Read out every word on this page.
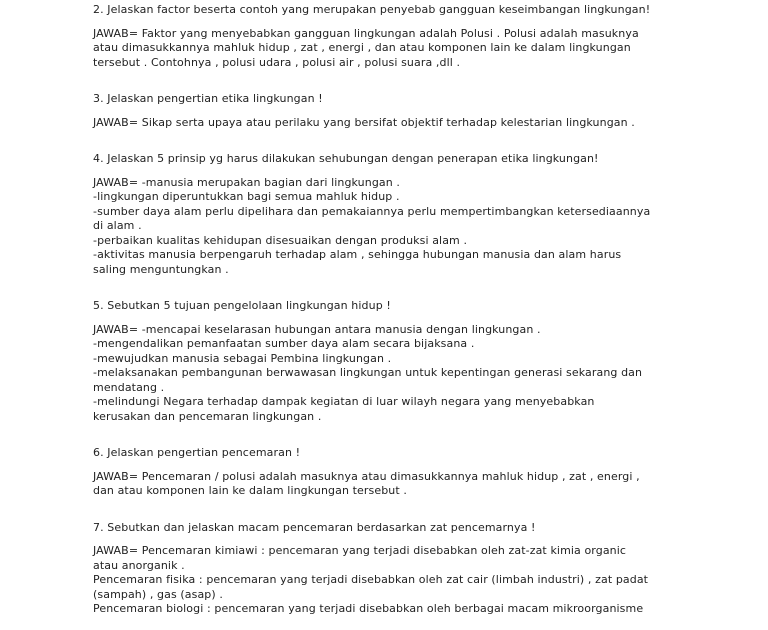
2. Jelaskan factor beserta contoh yang merupakan penyebab gangguan keseimbangan lingkungan!

JAWAB= Faktor yang menyebabkan gangguan lingkungan adalah Polusi . Polusi adalah masuknya
atau dimasukkannya mahluk hidup , zat , energi , dan atau komponen lain ke dalam lingkungan
tersebut . Contohnya , polusi udara , polusi air , polusi suara ,dll .

3. Jelaskan pengertian etika lingkungan !

JAWAB= Sikap serta upaya atau perilaku yang bersifat objektif terhadap kelestarian lingkungan .

4. Jelaskan 5 prinsip yg harus dilakukan sehubungan dengan penerapan etika lingkungan!

JAWAB= -manusia merupakan bagian dari lingkungan .
-lingkungan diperuntukkan bagi semua mahluk hidup .
-sumber daya alam perlu dipelihara dan pemakaiannya perlu mempertimbangkan ketersediaannya
di alam .
-perbaikan kualitas kehidupan disesuaikan dengan produksi alam .
-aktivitas manusia berpengaruh terhadap alam , sehingga hubungan manusia dan alam harus
saling menguntungkan .

5. Sebutkan 5 tujuan pengelolaan lingkungan hidup !

JAWAB= -mencapai keselarasan hubungan antara manusia dengan lingkungan .
-mengendalikan pemanfaatan sumber daya alam secara bijaksana .
-mewujudkan manusia sebagai Pembina lingkungan .
-melaksanakan pembangunan berwawasan lingkungan untuk kepentingan generasi sekarang dan
mendatang .
-melindungi Negara terhadap dampak kegiatan di luar wilayh negara yang menyebabkan
kerusakan dan pencemaran lingkungan .

6. Jelaskan pengertian pencemaran !

JAWAB= Pencemaran / polusi adalah masuknya atau dimasukkannya mahluk hidup , zat , energi ,
dan atau komponen lain ke dalam lingkungan tersebut .

7. Sebutkan dan jelaskan macam pencemaran berdasarkan zat pencemarnya !

JAWAB= Pencemaran kimiawi : pencemaran yang terjadi disebabkan oleh zat-zat kimia organic
atau anorganik .
Pencemaran fisika : pencemaran yang terjadi disebabkan oleh zat cair (limbah industri) , zat padat
(sampah) , gas (asap) .
Pencemaran biologi : pencemaran yang terjadi disebabkan oleh berbagai macam mikroorganisme
